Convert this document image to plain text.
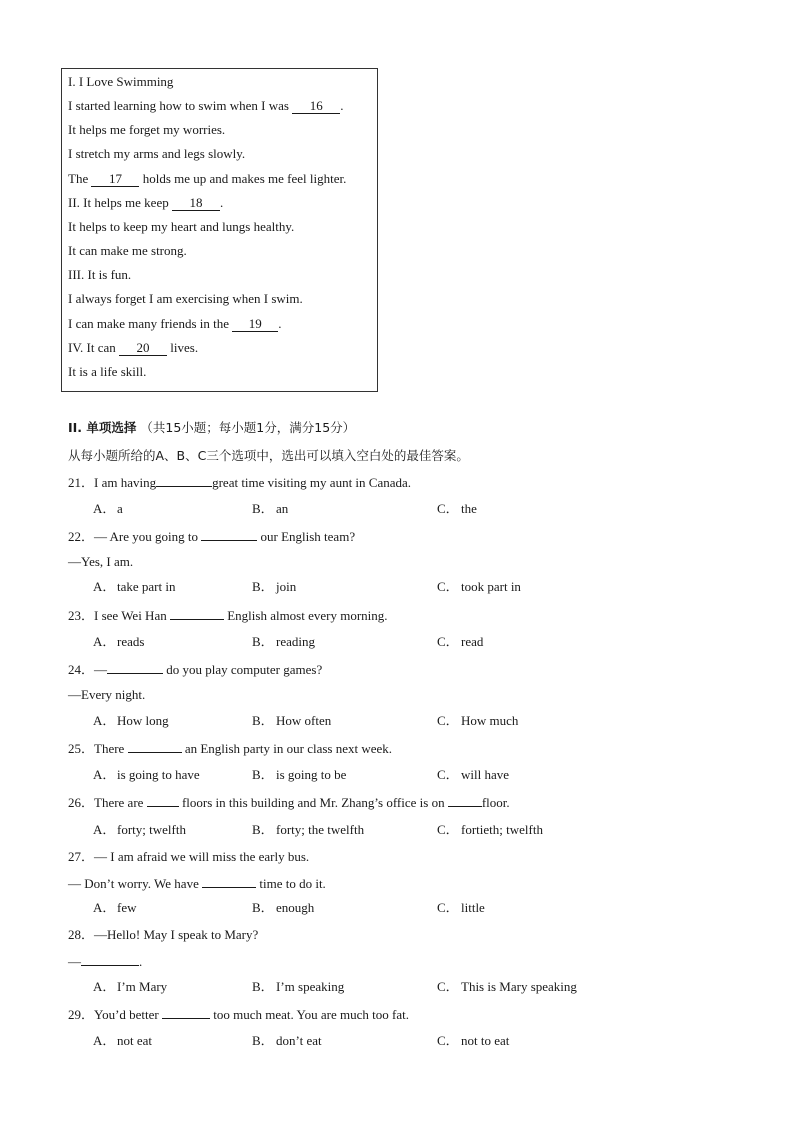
I. I Love Swimming
I started learning how to swim when I was 16 .
It helps me forget my worries.
I stretch my arms and legs slowly.
The 17 holds me up and makes me feel lighter.
II. It helps me keep 18 .
It helps to keep my heart and lungs healthy.
It can make me strong.
III. It is fun.
I always forget I am exercising when I swim.
I can make many friends in the 19 .
IV. It can 20 lives.
It is a life skill.
II. 单项选择 （共15小题；每小题1分，满分15分）
从每小题所给的A、B、C三个选项中，选出可以填入空白处的最佳答案。
21．I am having	great time visiting my aunt in Canada.
A． a	B． an	C． the
22．— Are you going to	our English team?
—Yes, I am.
A． take part in	B． join	C． took part in
23．I see Wei Han	English almost every morning.
A． reads	B． reading	C． read
24．—	do you play computer games?
—Every night.
A． How long	B． How often	C． How much
25．There	an English party in our class next week.
A． is going to have	B． is going to be	C． will have
26．There are  floors in this building and Mr. Zhang’s office is on	floor.
A． forty; twelfth	B． forty; the twelfth	C． fortieth; twelfth
27．— I am afraid we will miss the early bus.
— Don’t worry. We have	time to do it.
A． few	B． enough	C． little
28．—Hello! May I speak to Mary?
—	.
A． I’m Mary	B． I’m speaking	C． This is Mary speaking
29．You’d better	too much meat. You are much too fat.
A． not eat	B． don’t eat	C． not to eat
